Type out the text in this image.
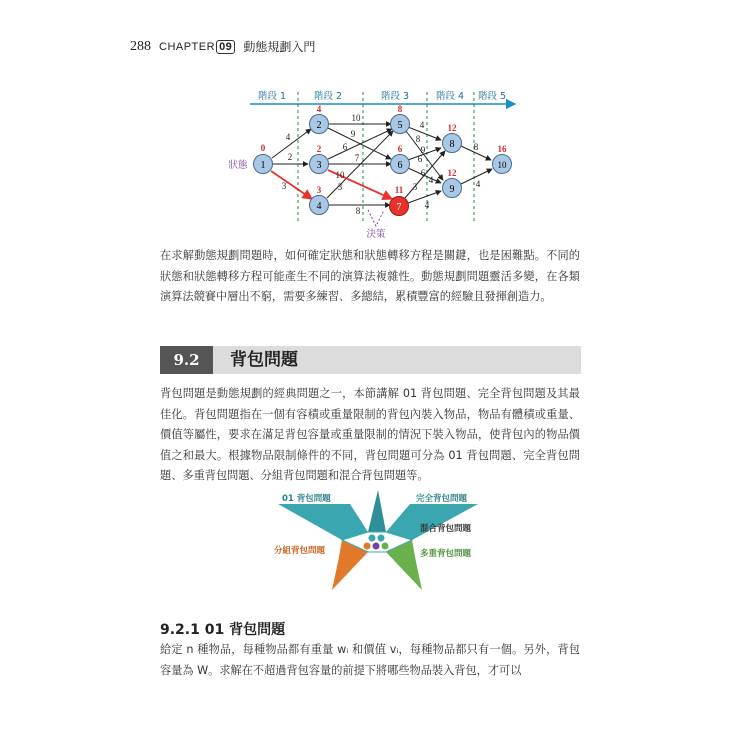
288 CHAPTER 09 動態規劃入門
階段 1	階段 2	階段 3	階段 4 階段 5
4
2
3
10
9
6
7
10
3
8
4
8
9
6
6
4
4
3
8
4
狀態 1
0
2
4
3
2
4
3
5
8
6
6
7
11
8
12
9
12
10
16
決策
在求解動態規劃問題時，如何確定狀態和狀態轉移方程是關鍵，也是困難點。不同的狀態和狀態轉移方程可能產生不同的演算法複雜性。動態規劃問題靈活多變，在各類演算法競賽中層出不窮，需要多練習、多總結，累積豐富的經驗且發揮創造力。
9.2	背包問題
背包問題是動態規劃的經典問題之一，本節講解 01 背包問題、完全背包問題及其最佳化。背包問題指在一個有容積或重量限制的背包內裝入物品，物品有體積或重量、價值等屬性，要求在滿足背包容量或重量限制的情況下裝入物品，使背包內的物品價值之和最大。根據物品限制條件的不同，背包問題可分為 01 背包問題、完全背包問題、多重背包問題、分組背包問題和混合背包問題等。
01 背包問題	完全背包問題
混合背包問題
分組背包問題	多重背包問題
9.2.1 01 背包問題
給定 n 種物品，每種物品都有重量 wᵢ 和價值 vᵢ，每種物品都只有一個。另外，背包容量為 W。求解在不超過背包容量的前提下將哪些物品裝入背包，才可以
